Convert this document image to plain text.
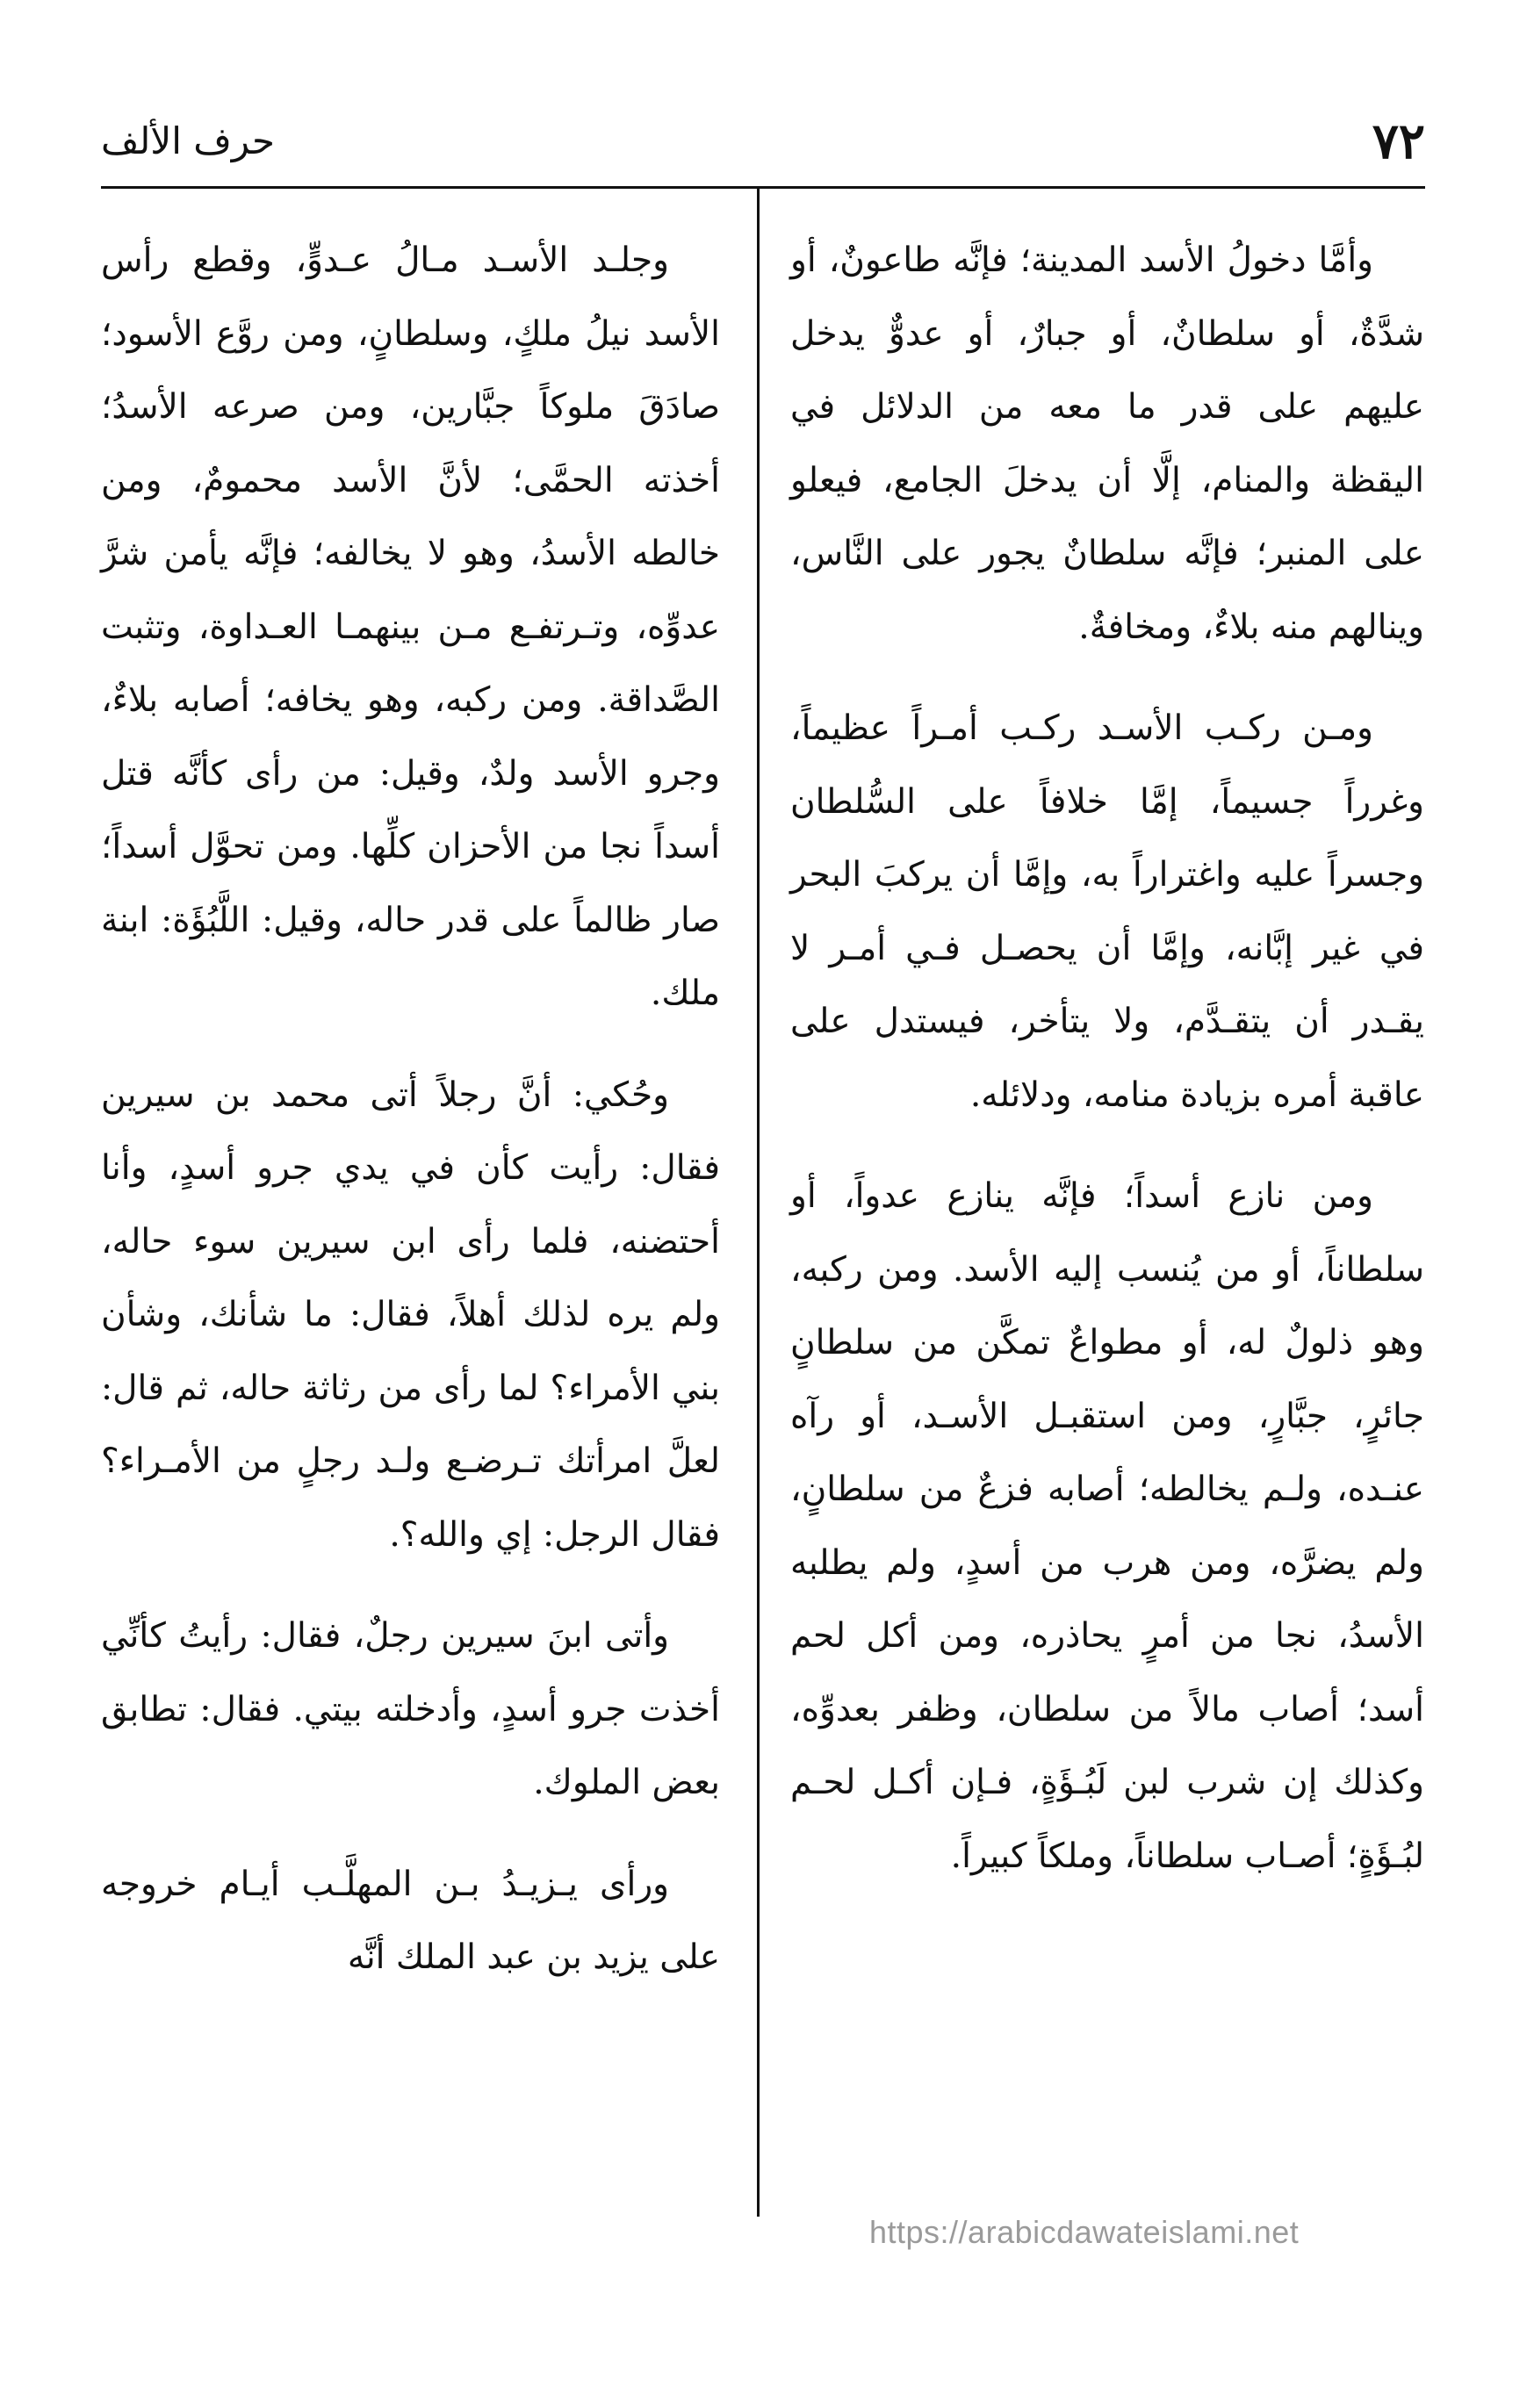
٧٢
حرف الألف

وأمَّا دخولُ الأسد المدينة؛ فإنَّه طاعونٌ، أو شدَّةٌ، أو سلطانٌ، أو جبارٌ، أو عدوٌّ يدخل عليهم على قدر ما معه من الدلائل في اليقظة والمنام، إلَّا أن يدخلَ الجامع، فيعلو على المنبر؛ فإنَّه سلطانٌ يجور على النَّاس، وينالهم منه بلاءٌ، ومخافةٌ.

ومـن ركـب الأسـد ركـب أمـراً عظيماً، وغرراً جسيماً، إمَّا خلافاً على السُّلطان وجسراً عليه واغتراراً به، وإمَّا أن يركبَ البحر في غير إبَّانه، وإمَّا أن يحصـل فـي أمـر لا يقـدر أن يتقـدَّم، ولا يتأخر، فيستدل على عاقبة أمره بزيادة منامه، ودلائله.

ومن نازع أسداً؛ فإنَّه ينازع عدواً، أو سلطاناً، أو من يُنسب إليه الأسد. ومن ركبه، وهو ذلولٌ له، أو مطواعٌ تمكَّن من سلطانٍ جائرٍ، جبَّارٍ، ومن استقبـل الأسـد، أو رآه عنـده، ولـم يخالطه؛ أصابه فزعٌ من سلطانٍ، ولم يضرَّه، ومن هرب من أسدٍ، ولم يطلبه الأسدُ، نجا من أمرٍ يحاذره، ومن أكل لحم أسد؛ أصاب مالاً من سلطان، وظفر بعدوِّه، وكذلك إن شرب لبن لَبُـؤَةٍ، فـإن أكـل لحـم لبُـؤَةٍ؛ أصـاب سلطاناً، وملكاً كبيراً.

وجلـد الأسـد مـالُ عـدوٍّ، وقطع رأس الأسد نيلُ ملكٍ، وسلطانٍ، ومن روَّع الأسود؛ صادَقَ ملوكاً جبَّارين، ومن صرعه الأسدُ؛ أخذته الحمَّى؛ لأنَّ الأسد محمومٌ، ومن خالطه الأسدُ، وهو لا يخالفه؛ فإنَّه يأمن شرَّ عدوِّه، وتـرتفـع مـن بينهمـا العـداوة، وتثبت الصَّداقة. ومن ركبه، وهو يخافه؛ أصابه بلاءٌ، وجرو الأسد ولدٌ، وقيل: من رأى كأنَّه قتل أسداً نجا من الأحزان كلِّها. ومن تحوَّل أسداً؛ صار ظالماً على قدر حاله، وقيل: اللَّبُؤَة: ابنة ملك.

وحُكي: أنَّ رجلاً أتى محمد بن سيرين فقال: رأيت كأن في يدي جرو أسدٍ، وأنا أحتضنه، فلما رأى ابن سيرين سوء حاله، ولم يره لذلك أهلاً، فقال: ما شأنك، وشأن بني الأمراء؟ لما رأى من رثاثة حاله، ثم قال: لعلَّ امرأتك تـرضـع ولـد رجلٍ من الأمـراء؟ فقال الرجل: إي والله؟.

وأتى ابنَ سيرين رجلٌ، فقال: رأيتُ كأنِّي أخذت جرو أسدٍ، وأدخلته بيتي. فقال: تطابق بعض الملوك.

ورأى يـزيـدُ بـن المهلَّـب أيـام خروجه على يزيد بن عبد الملك أنَّه

https://arabicdawateislami.net
